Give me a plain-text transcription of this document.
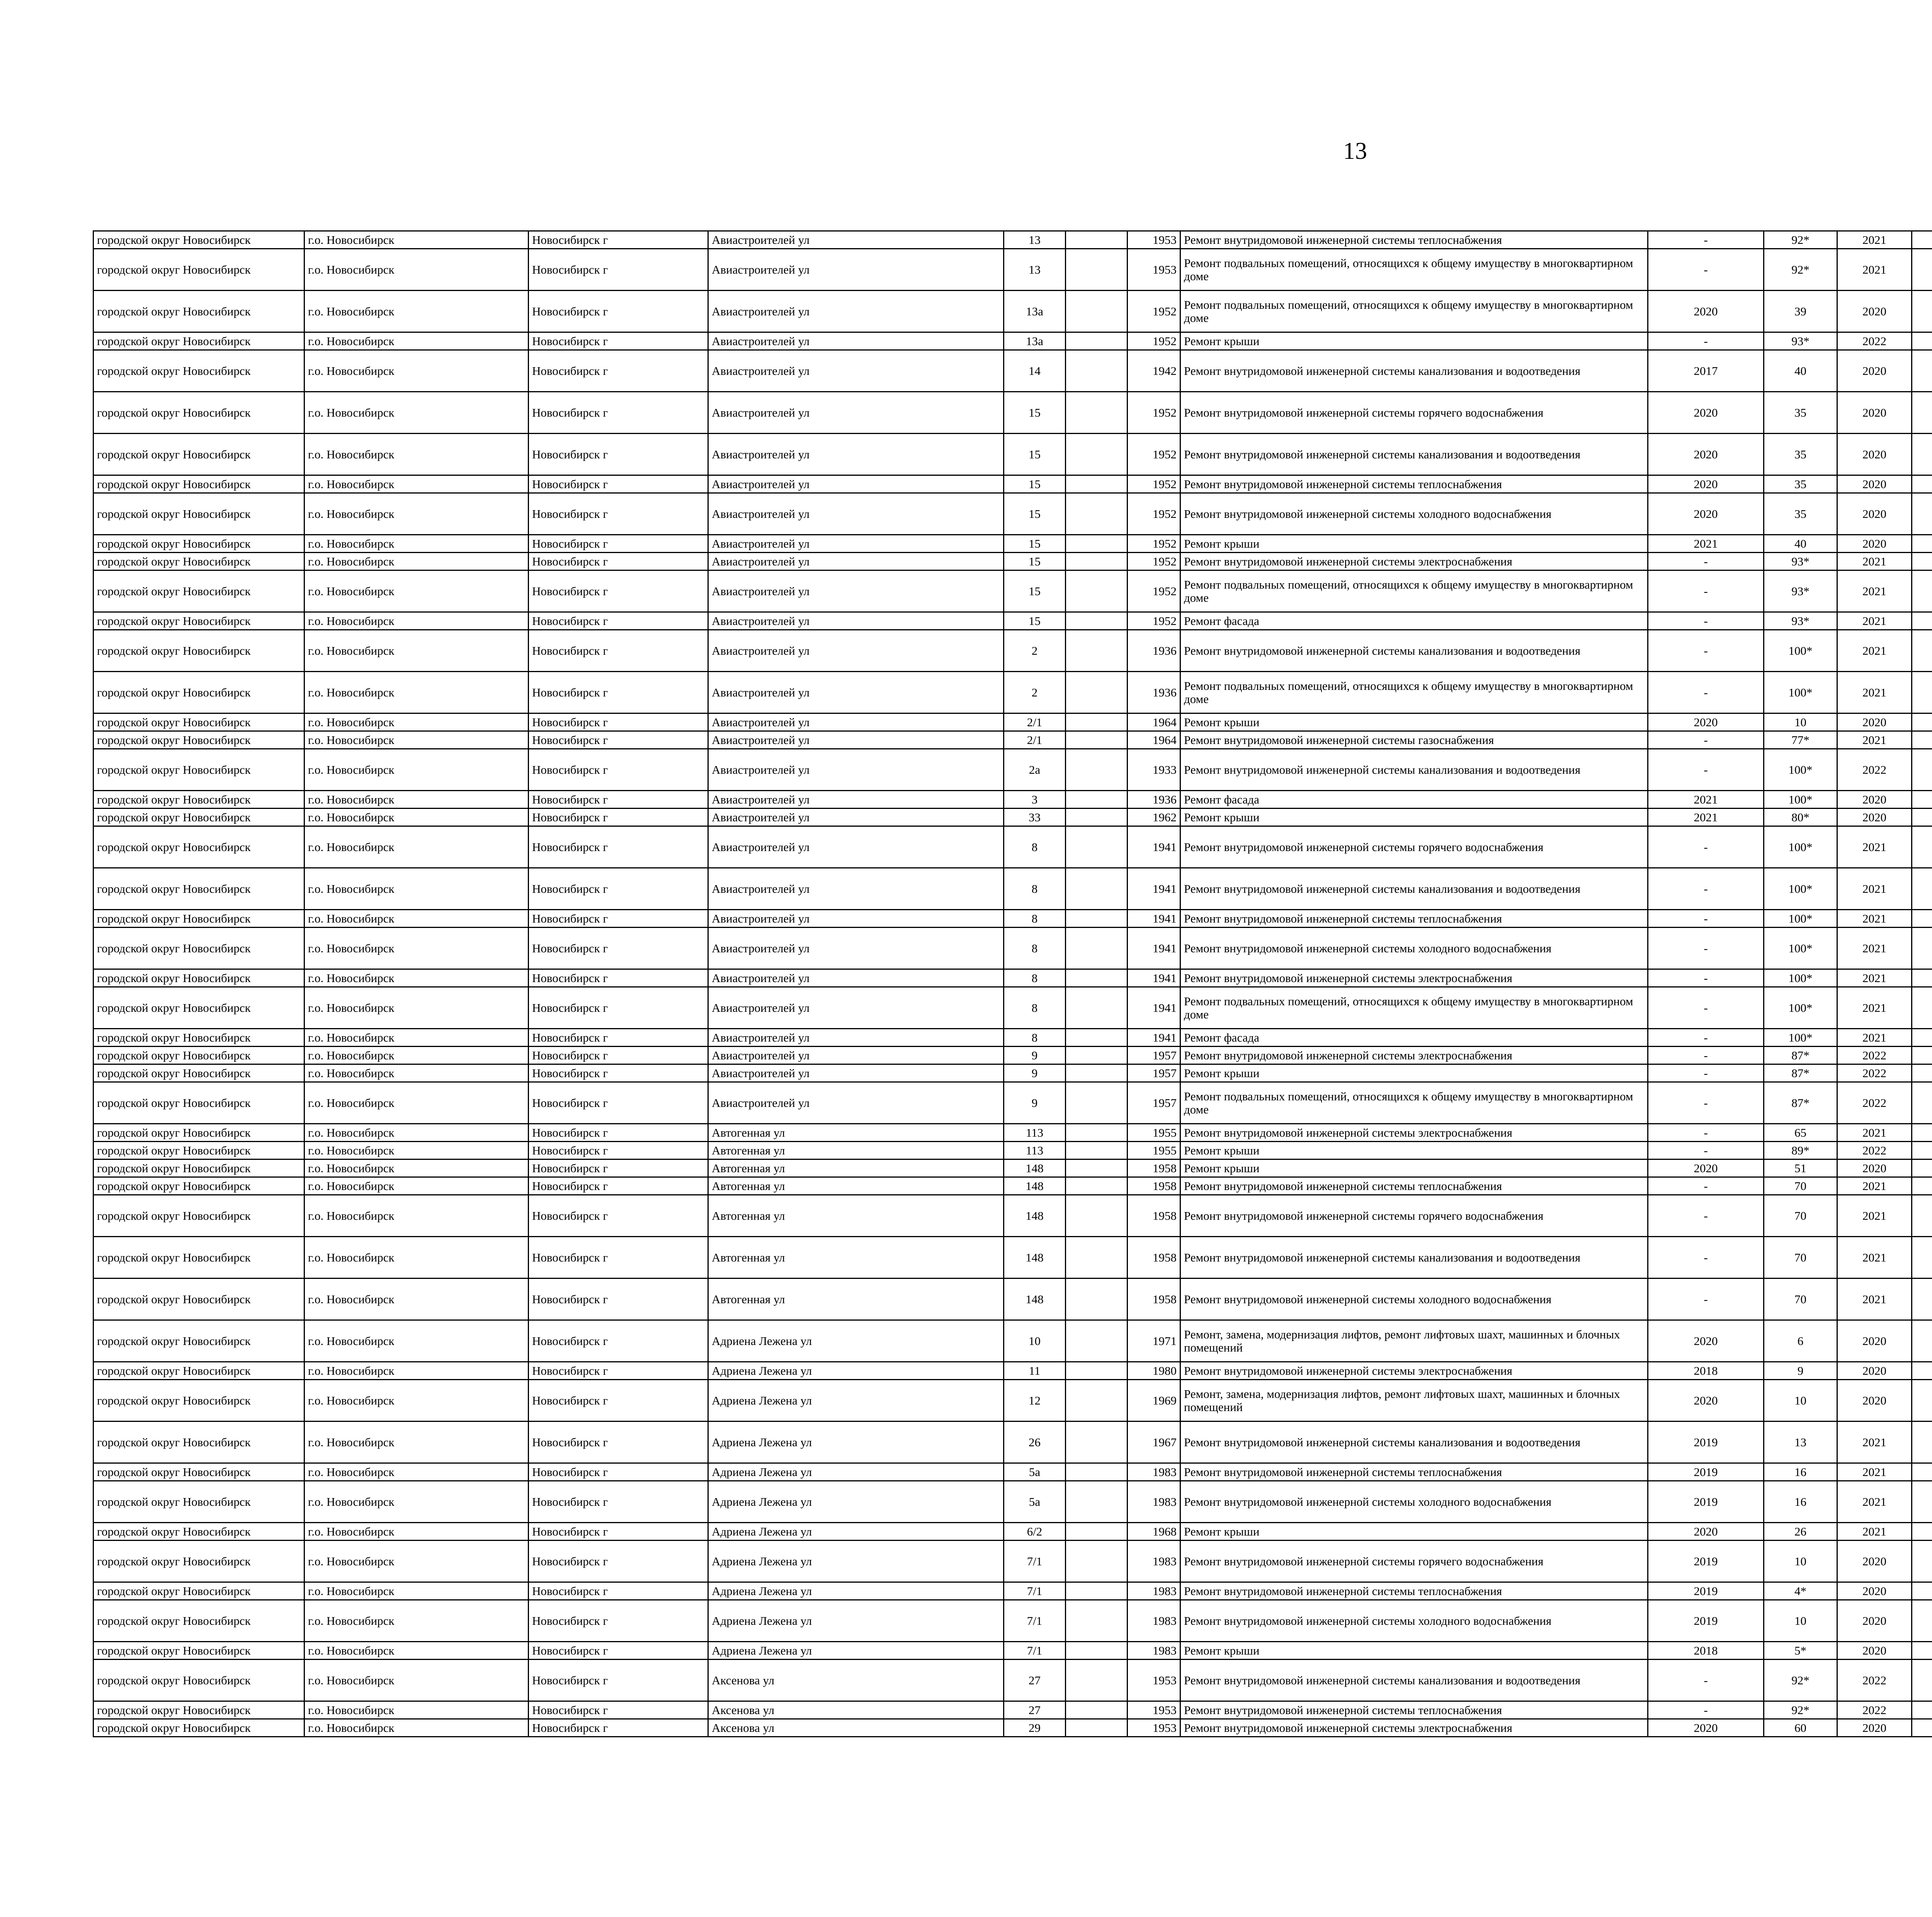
13
городской округ Новосибирск	г.о. Новосибирск	Новосибирск г	Авиастроителей ул	13		1953	Ремонт внутридомовой инженерной системы теплоснабжения	-	92*	2021							
городской округ Новосибирск	г.о. Новосибирск	Новосибирск г	Авиастроителей ул	13		1953	Ремонт подвальных помещений, относящихся к общему имуществу в многоквартирном доме	-	92*	2021							
городской округ Новосибирск	г.о. Новосибирск	Новосибирск г	Авиастроителей ул	13а		1952	Ремонт подвальных помещений, относящихся к общему имуществу в многоквартирном доме	2020	39	2020							
городской округ Новосибирск	г.о. Новосибирск	Новосибирск г	Авиастроителей ул	13а		1952	Ремонт крыши	-	93*	2022							
городской округ Новосибирск	г.о. Новосибирск	Новосибирск г	Авиастроителей ул	14		1942	Ремонт внутридомовой инженерной системы канализования и водоотведения	2017	40	2020							
городской округ Новосибирск	г.о. Новосибирск	Новосибирск г	Авиастроителей ул	15		1952	Ремонт внутридомовой инженерной системы горячего водоснабжения	2020	35	2020							
городской округ Новосибирск	г.о. Новосибирск	Новосибирск г	Авиастроителей ул	15		1952	Ремонт внутридомовой инженерной системы канализования и водоотведения	2020	35	2020							
городской округ Новосибирск	г.о. Новосибирск	Новосибирск г	Авиастроителей ул	15		1952	Ремонт внутридомовой инженерной системы теплоснабжения	2020	35	2020							
городской округ Новосибирск	г.о. Новосибирск	Новосибирск г	Авиастроителей ул	15		1952	Ремонт внутридомовой инженерной системы холодного водоснабжения	2020	35	2020							
городской округ Новосибирск	г.о. Новосибирск	Новосибирск г	Авиастроителей ул	15		1952	Ремонт крыши	2021	40	2020							
городской округ Новосибирск	г.о. Новосибирск	Новосибирск г	Авиастроителей ул	15		1952	Ремонт внутридомовой инженерной системы электроснабжения	-	93*	2021							
городской округ Новосибирск	г.о. Новосибирск	Новосибирск г	Авиастроителей ул	15		1952	Ремонт подвальных помещений, относящихся к общему имуществу в многоквартирном доме	-	93*	2021							
городской округ Новосибирск	г.о. Новосибирск	Новосибирск г	Авиастроителей ул	15		1952	Ремонт фасада	-	93*	2021							
городской округ Новосибирск	г.о. Новосибирск	Новосибирск г	Авиастроителей ул	2		1936	Ремонт внутридомовой инженерной системы канализования и водоотведения	-	100*	2021							
городской округ Новосибирск	г.о. Новосибирск	Новосибирск г	Авиастроителей ул	2		1936	Ремонт подвальных помещений, относящихся к общему имуществу в многоквартирном доме	-	100*	2021							
городской округ Новосибирск	г.о. Новосибирск	Новосибирск г	Авиастроителей ул	2/1		1964	Ремонт крыши	2020	10	2020							
городской округ Новосибирск	г.о. Новосибирск	Новосибирск г	Авиастроителей ул	2/1		1964	Ремонт внутридомовой инженерной системы газоснабжения	-	77*	2021							
городской округ Новосибирск	г.о. Новосибирск	Новосибирск г	Авиастроителей ул	2а		1933	Ремонт внутридомовой инженерной системы канализования и водоотведения	-	100*	2022							
городской округ Новосибирск	г.о. Новосибирск	Новосибирск г	Авиастроителей ул	3		1936	Ремонт фасада	2021	100*	2020							
городской округ Новосибирск	г.о. Новосибирск	Новосибирск г	Авиастроителей ул	33		1962	Ремонт крыши	2021	80*	2020							
городской округ Новосибирск	г.о. Новосибирск	Новосибирск г	Авиастроителей ул	8		1941	Ремонт внутридомовой инженерной системы горячего водоснабжения	-	100*	2021							
городской округ Новосибирск	г.о. Новосибирск	Новосибирск г	Авиастроителей ул	8		1941	Ремонт внутридомовой инженерной системы канализования и водоотведения	-	100*	2021							
городской округ Новосибирск	г.о. Новосибирск	Новосибирск г	Авиастроителей ул	8		1941	Ремонт внутридомовой инженерной системы теплоснабжения	-	100*	2021							
городской округ Новосибирск	г.о. Новосибирск	Новосибирск г	Авиастроителей ул	8		1941	Ремонт внутридомовой инженерной системы холодного водоснабжения	-	100*	2021							
городской округ Новосибирск	г.о. Новосибирск	Новосибирск г	Авиастроителей ул	8		1941	Ремонт внутридомовой инженерной системы электроснабжения	-	100*	2021							
городской округ Новосибирск	г.о. Новосибирск	Новосибирск г	Авиастроителей ул	8		1941	Ремонт подвальных помещений, относящихся к общему имуществу в многоквартирном доме	-	100*	2021							
городской округ Новосибирск	г.о. Новосибирск	Новосибирск г	Авиастроителей ул	8		1941	Ремонт фасада	-	100*	2021							
городской округ Новосибирск	г.о. Новосибирск	Новосибирск г	Авиастроителей ул	9		1957	Ремонт внутридомовой инженерной системы электроснабжения	-	87*	2022							
городской округ Новосибирск	г.о. Новосибирск	Новосибирск г	Авиастроителей ул	9		1957	Ремонт крыши	-	87*	2022							
городской округ Новосибирск	г.о. Новосибирск	Новосибирск г	Авиастроителей ул	9		1957	Ремонт подвальных помещений, относящихся к общему имуществу в многоквартирном доме	-	87*	2022							
городской округ Новосибирск	г.о. Новосибирск	Новосибирск г	Автогенная ул	113		1955	Ремонт внутридомовой инженерной системы электроснабжения	-	65	2021							
городской округ Новосибирск	г.о. Новосибирск	Новосибирск г	Автогенная ул	113		1955	Ремонт крыши	-	89*	2022							
городской округ Новосибирск	г.о. Новосибирск	Новосибирск г	Автогенная ул	148		1958	Ремонт крыши	2020	51	2020							
городской округ Новосибирск	г.о. Новосибирск	Новосибирск г	Автогенная ул	148		1958	Ремонт внутридомовой инженерной системы теплоснабжения	-	70	2021							
городской округ Новосибирск	г.о. Новосибирск	Новосибирск г	Автогенная ул	148		1958	Ремонт внутридомовой инженерной системы горячего водоснабжения	-	70	2021							
городской округ Новосибирск	г.о. Новосибирск	Новосибирск г	Автогенная ул	148		1958	Ремонт внутридомовой инженерной системы канализования и водоотведения	-	70	2021							
городской округ Новосибирск	г.о. Новосибирск	Новосибирск г	Автогенная ул	148		1958	Ремонт внутридомовой инженерной системы холодного водоснабжения	-	70	2021							
городской округ Новосибирск	г.о. Новосибирск	Новосибирск г	Адриена Лежена ул	10		1971	Ремонт, замена, модернизация лифтов, ремонт лифтовых шахт, машинных и блочных помещений	2020	6	2020							
городской округ Новосибирск	г.о. Новосибирск	Новосибирск г	Адриена Лежена ул	11		1980	Ремонт внутридомовой инженерной системы электроснабжения	2018	9	2020							
городской округ Новосибирск	г.о. Новосибирск	Новосибирск г	Адриена Лежена ул	12		1969	Ремонт, замена, модернизация лифтов, ремонт лифтовых шахт, машинных и блочных помещений	2020	10	2020							
городской округ Новосибирск	г.о. Новосибирск	Новосибирск г	Адриена Лежена ул	26		1967	Ремонт внутридомовой инженерной системы канализования и водоотведения	2019	13	2021							
городской округ Новосибирск	г.о. Новосибирск	Новосибирск г	Адриена Лежена ул	5а		1983	Ремонт внутридомовой инженерной системы теплоснабжения	2019	16	2021							
городской округ Новосибирск	г.о. Новосибирск	Новосибирск г	Адриена Лежена ул	5а		1983	Ремонт внутридомовой инженерной системы холодного водоснабжения	2019	16	2021							
городской округ Новосибирск	г.о. Новосибирск	Новосибирск г	Адриена Лежена ул	6/2		1968	Ремонт крыши	2020	26	2021							
городской округ Новосибирск	г.о. Новосибирск	Новосибирск г	Адриена Лежена ул	7/1		1983	Ремонт внутридомовой инженерной системы горячего водоснабжения	2019	10	2020							
городской округ Новосибирск	г.о. Новосибирск	Новосибирск г	Адриена Лежена ул	7/1		1983	Ремонт внутридомовой инженерной системы теплоснабжения	2019	4*	2020							
городской округ Новосибирск	г.о. Новосибирск	Новосибирск г	Адриена Лежена ул	7/1		1983	Ремонт внутридомовой инженерной системы холодного водоснабжения	2019	10	2020							
городской округ Новосибирск	г.о. Новосибирск	Новосибирск г	Адриена Лежена ул	7/1		1983	Ремонт крыши	2018	5*	2020							
городской округ Новосибирск	г.о. Новосибирск	Новосибирск г	Аксенова ул	27		1953	Ремонт внутридомовой инженерной системы канализования и водоотведения	-	92*	2022							
городской округ Новосибирск	г.о. Новосибирск	Новосибирск г	Аксенова ул	27		1953	Ремонт внутридомовой инженерной системы теплоснабжения	-	92*	2022							
городской округ Новосибирск	г.о. Новосибирск	Новосибирск г	Аксенова ул	29		1953	Ремонт внутридомовой инженерной системы электроснабжения	2020	60	2020							
